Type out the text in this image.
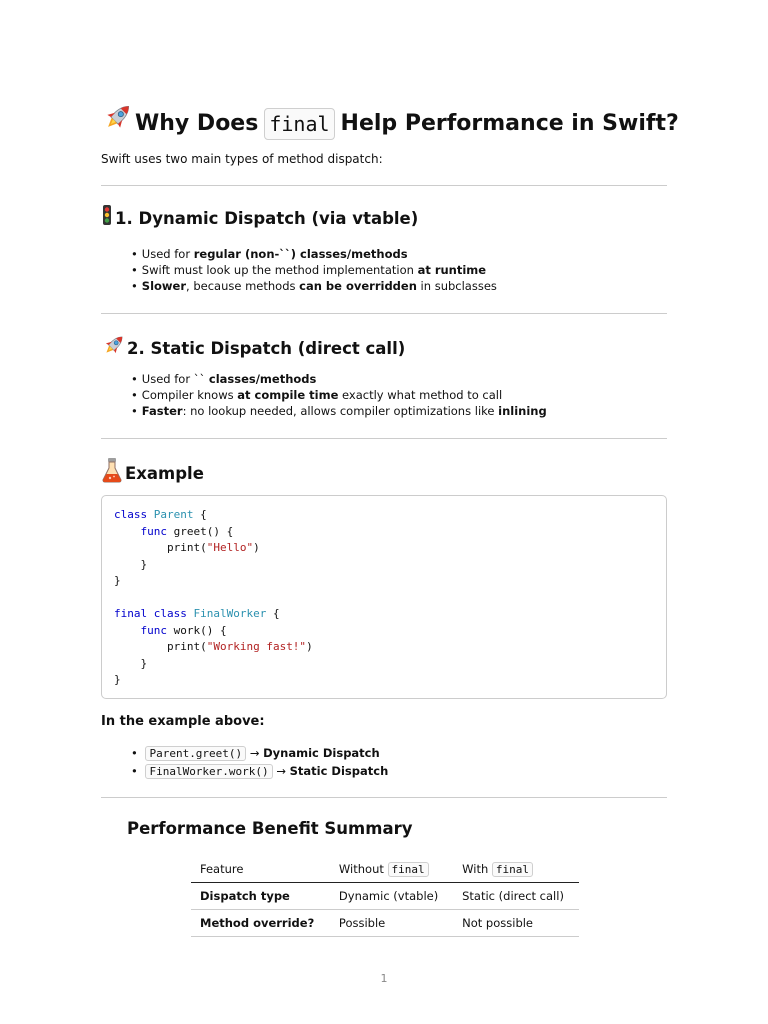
Why Does final Help Performance in Swift?
Swift uses two main types of method dispatch:
1. Dynamic Dispatch (via vtable)
• Used for regular (non-``) classes/methods
• Swift must look up the method implementation at runtime
• Slower, because methods can be overridden in subclasses
2. Static Dispatch (direct call)
• Used for `` classes/methods
• Compiler knows at compile time exactly what method to call
• Faster: no lookup needed, allows compiler optimizations like inlining
Example
class Parent {
func greet() {
print("Hello")
}
}

final class FinalWorker {
func work() {
print("Working fast!")
}
}
In the example above:
• Parent.greet() → Dynamic Dispatch
• FinalWorker.work() → Static Dispatch
Performance Benefit Summary
Feature	Without final	With final
Dispatch type	Dynamic (vtable)	Static (direct call)
Method override?	Possible	Not possible
1
